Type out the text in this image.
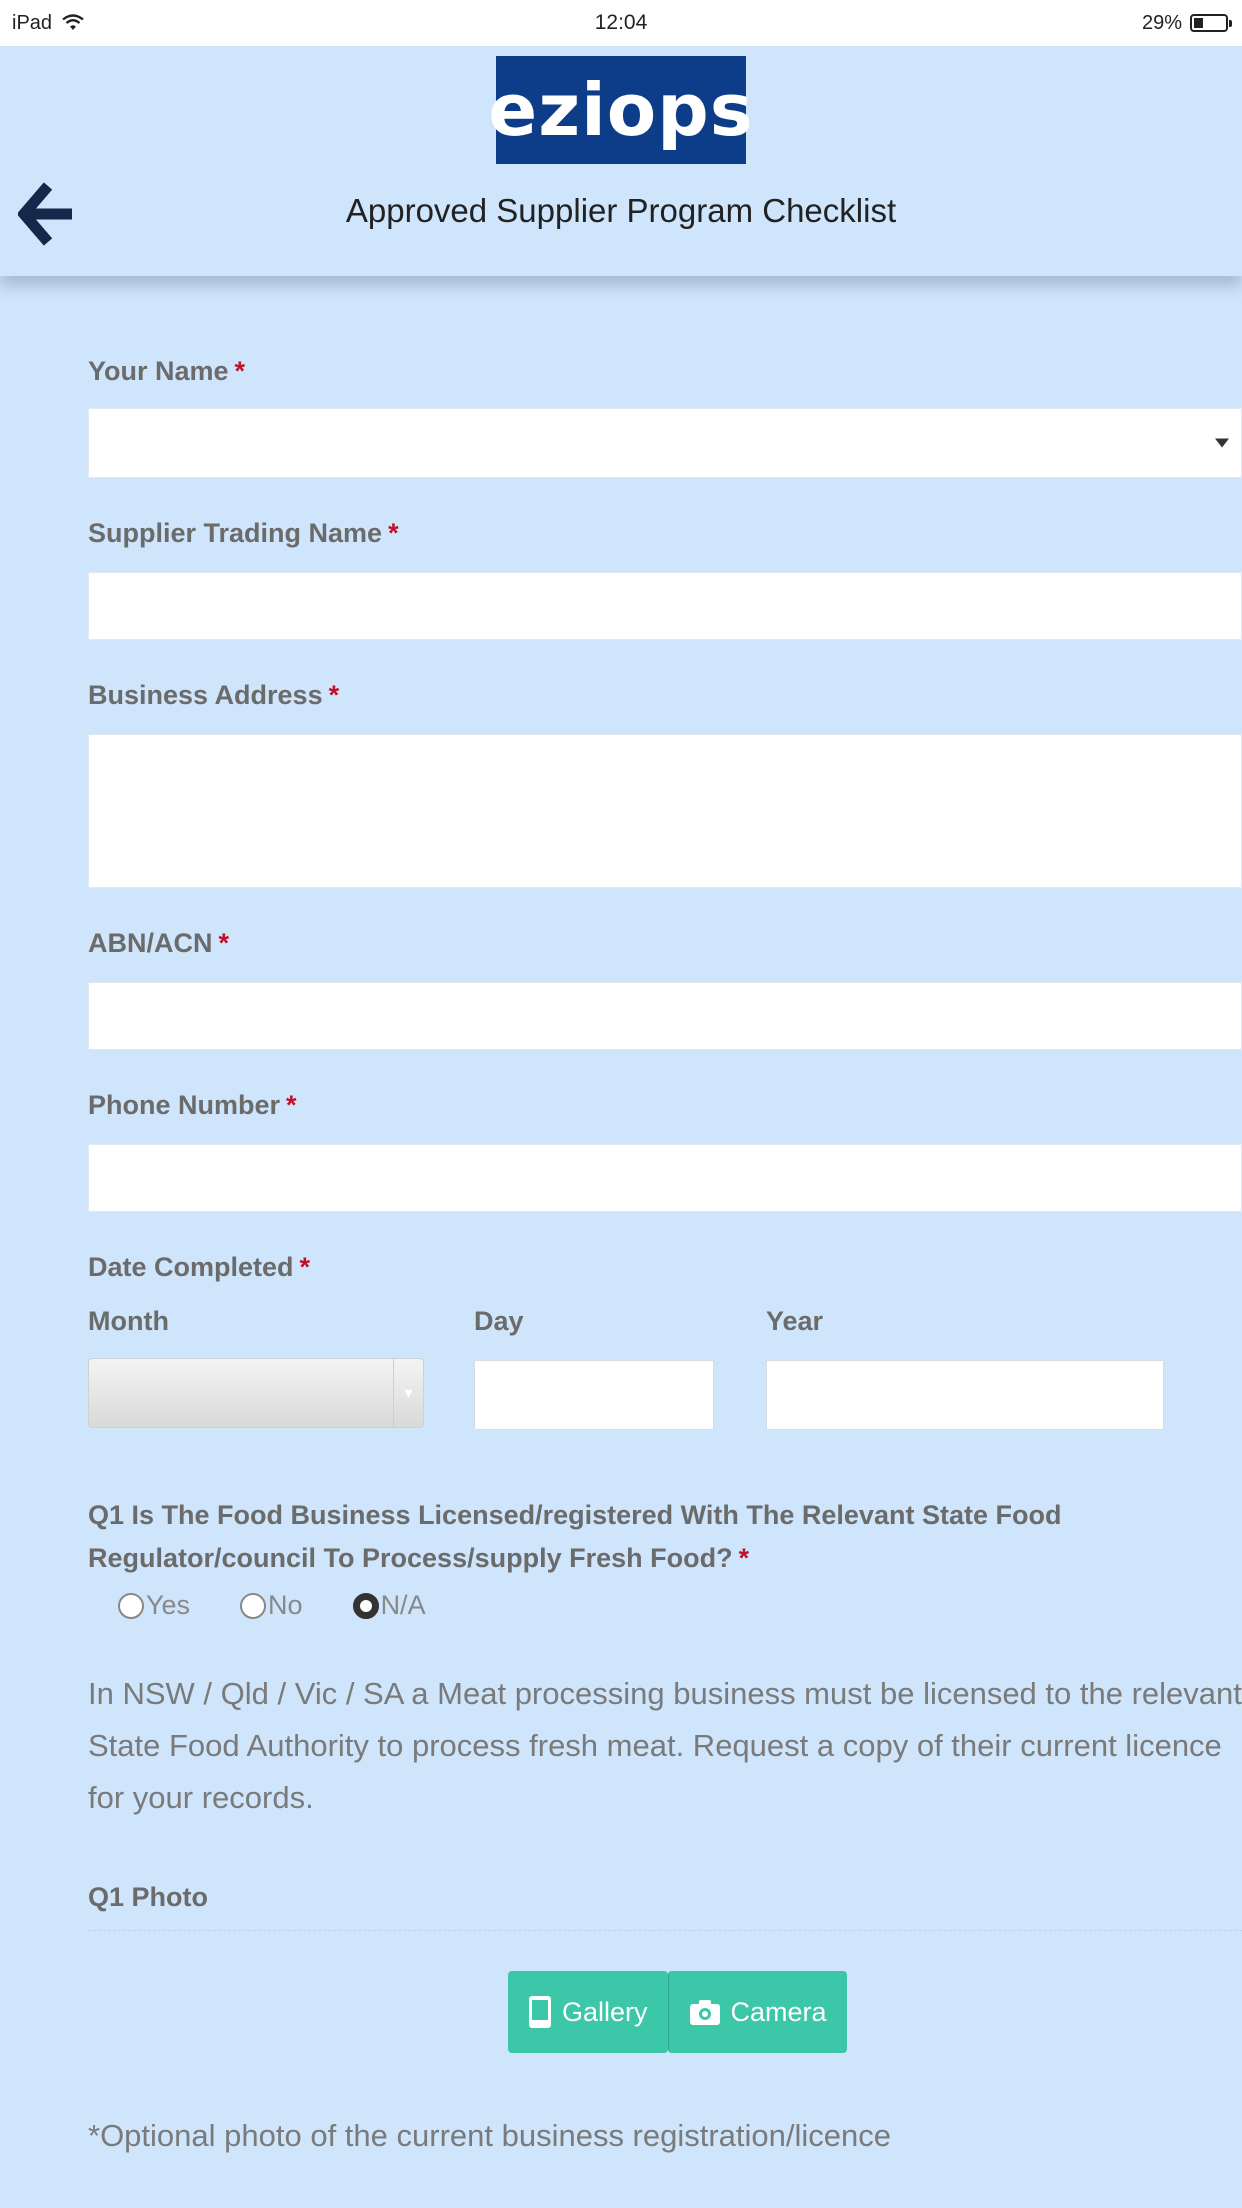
iPad	12:04	29%
eziops
Approved Supplier Program Checklist
Your Name *
Supplier Trading Name *
Business Address *
ABN/ACN *
Phone Number *
Date Completed *
Month	Day	Year
▾
Q1 Is The Food Business Licensed/registered With The Relevant State Food Regulator/council To Process/supply Fresh Food? *
Yes	No	N/A
In NSW / Qld / Vic / SA a Meat processing business must be licensed to the relevant State Food Authority to process fresh meat. Request a copy of their current licence for your records.
Q1 Photo
Gallery	Camera
*Optional photo of the current business registration/licence
